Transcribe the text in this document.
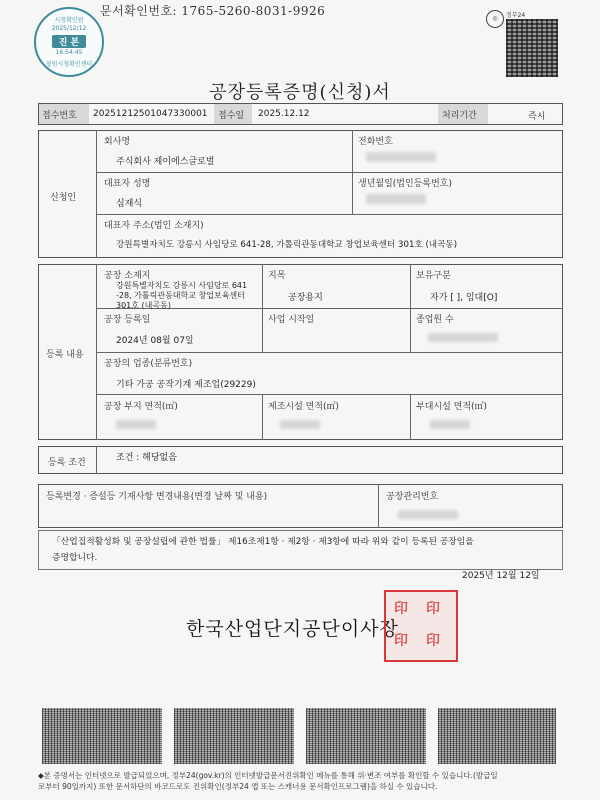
문서확인번호: 1765-5260-8031-9926
시청확인원
2025/12/12
진 본
16:54:45
창원시청확인센터
◎	정부24
공장등록증명(신청)서
접수번호 20251212501047330001 접수일 2025.12.12	처리기간	즉시
신청인
회사명
주식회사 제이에스글로벌
전화번호
대표자 성명
심재식
생년월일(법인등록번호)
대표자 주소(법인 소재지)
강원특별자치도 강릉시 사임당로 641-28, 가톨릭관동대학교 창업보육센터 301호 (내곡동)
등록 내용
공장 소재지
강원특별자치도 강릉시 사임당로 641
-28, 가톨릭관동대학교 창업보육센터
301호 (내곡동)
지목
공장용지
보유구분
자가 [ ], 임대[O]
공장 등록일
2024년 08월 07일
사업 시작일	종업원 수
공장의 업종(분류번호)
기타 가공 공작기계 제조업(29229)
공장 부지 면적(㎡)	제조시설 면적(㎡)	부대시설 면적(㎡)
등록 조건	조건 : 해당없음
등록변경 · 증설등 기재사항 변경내용(변경 날짜 및 내용)	공장관리번호
「산업집적활성화 및 공장설립에 관한 법률」 제16조제1항 · 제2항 · 제3항에 따라 위와 같이 등록된 공장임을
증명합니다.
2025년 12월 12일
한국산업단지공단이사장
印 印
印 印
◆본 증명서는 인터넷으로 발급되었으며, 정부24(gov.kr)의 인터넷발급문서진위확인 메뉴를 통해 위·변조 여부를 확인할 수 있습니다.(발급일
로부터 90일까지) 또한 문서하단의 바코드로도 진위확인(정부24 앱 또는 스캐너용 문서확인프로그램)을 하실 수 있습니다.
